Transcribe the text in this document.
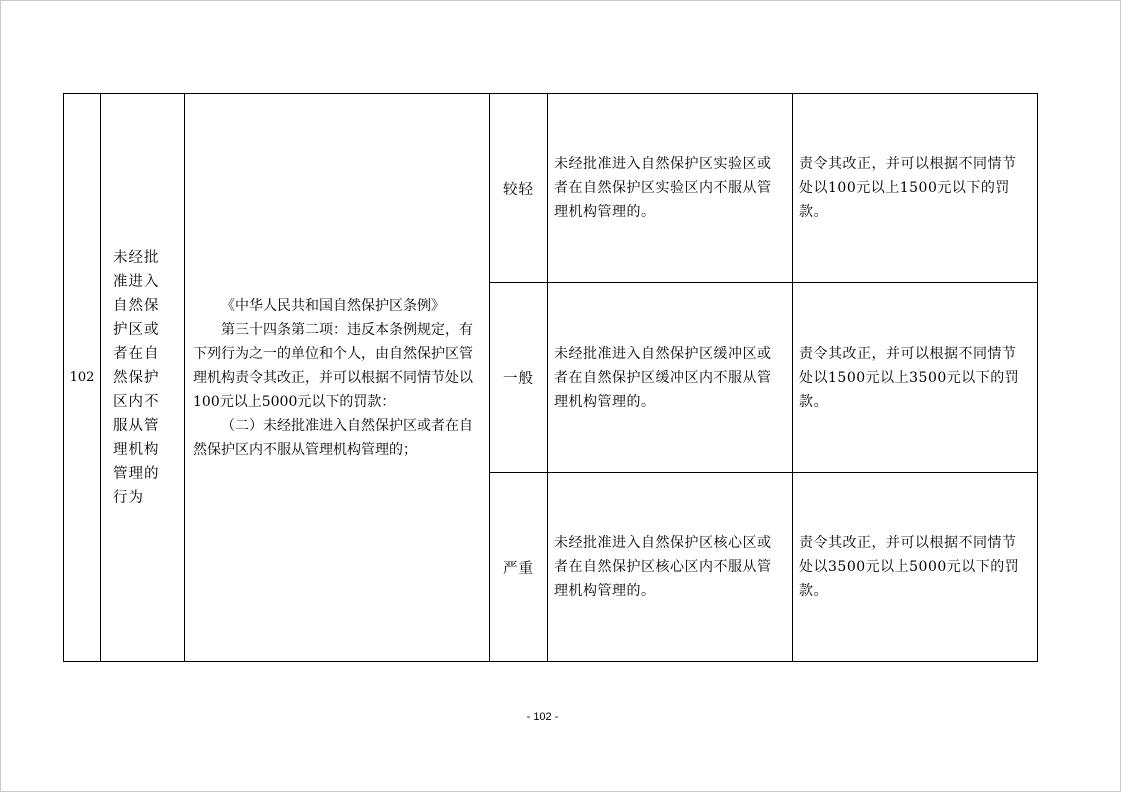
102	未经批准进入自然保护区或者在自然保护区内不服从管理机构管理的行为	《中华人民共和国自然保护区条例》

第三十四条第二项：违反本条例规定，有下列行为之一的单位和个人，由自然保护区管理机构责令其改正，并可以根据不同情节处以100元以上5000元以下的罚款：

（二）未经批准进入自然保护区或者在自然保护区内不服从管理机构管理的；	较轻	未经批准进入自然保护区实验区或者在自然保护区实验区内不服从管理机构管理的。	责令其改正，并可以根据不同情节处以100元以上1500元以下的罚款。
			一般	未经批准进入自然保护区缓冲区或者在自然保护区缓冲区内不服从管理机构管理的。	责令其改正，并可以根据不同情节处以1500元以上3500元以下的罚款。
			严重	未经批准进入自然保护区核心区或者在自然保护区核心区内不服从管理机构管理的。	责令其改正，并可以根据不同情节处以3500元以上5000元以下的罚款。
- 102 -
